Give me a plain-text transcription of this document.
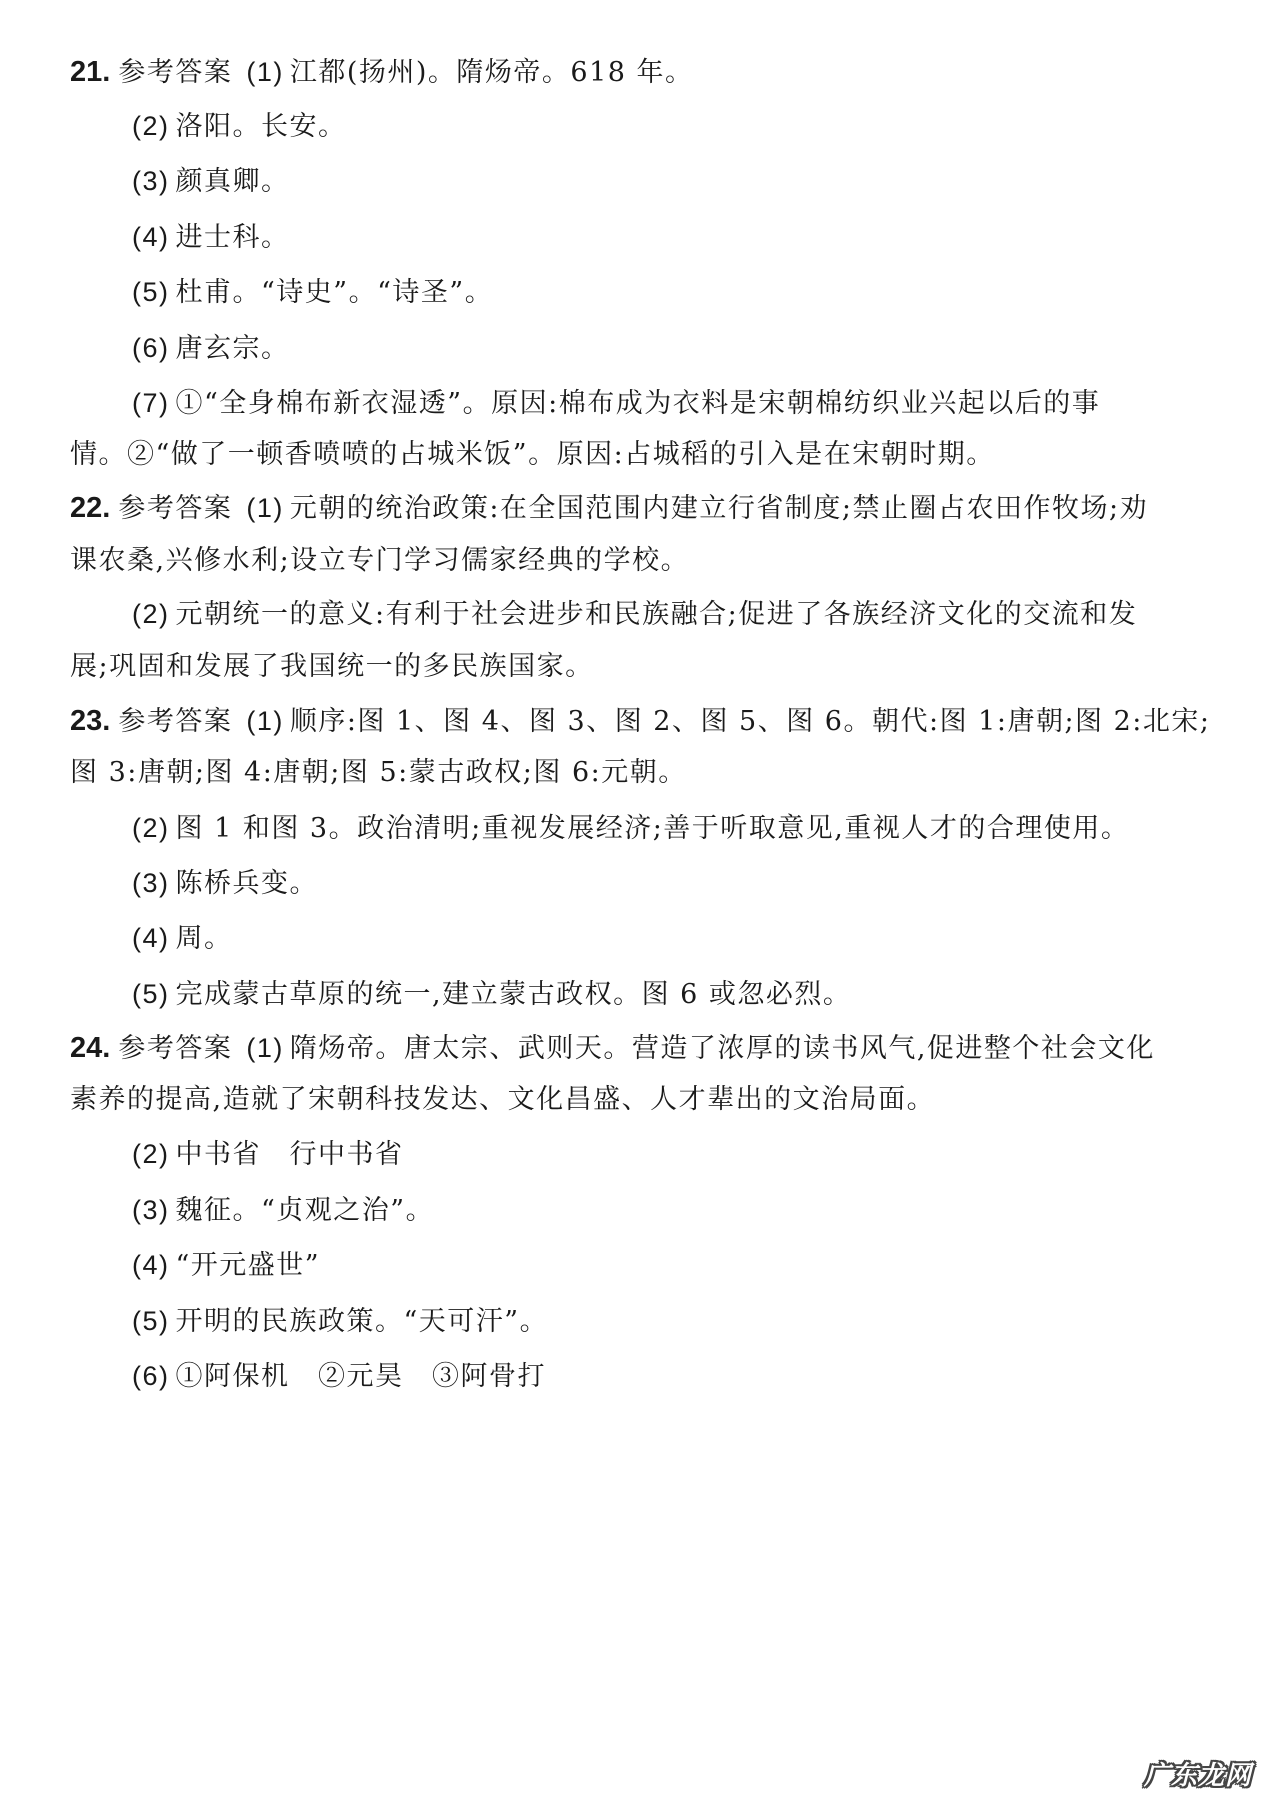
21. 参考答案 (1) 江都(扬州)。隋炀帝。618 年。
(2) 洛阳。长安。
(3) 颜真卿。
(4) 进士科。
(5) 杜甫。“诗史”。“诗圣”。
(6) 唐玄宗。
(7) ①“全身棉布新衣湿透”。原因:棉布成为衣料是宋朝棉纺织业兴起以后的事
情。②“做了一顿香喷喷的占城米饭”。原因:占城稻的引入是在宋朝时期。
22. 参考答案 (1) 元朝的统治政策:在全国范围内建立行省制度;禁止圈占农田作牧场;劝
课农桑,兴修水利;设立专门学习儒家经典的学校。
(2) 元朝统一的意义:有利于社会进步和民族融合;促进了各族经济文化的交流和发
展;巩固和发展了我国统一的多民族国家。
23. 参考答案 (1) 顺序:图 1、图 4、图 3、图 2、图 5、图 6。朝代:图 1:唐朝;图 2:北宋;
图 3:唐朝;图 4:唐朝;图 5:蒙古政权;图 6:元朝。
(2) 图 1 和图 3。政治清明;重视发展经济;善于听取意见,重视人才的合理使用。
(3) 陈桥兵变。
(4) 周。
(5) 完成蒙古草原的统一,建立蒙古政权。图 6 或忽必烈。
24. 参考答案 (1) 隋炀帝。唐太宗、武则天。营造了浓厚的读书风气,促进整个社会文化
素养的提高,造就了宋朝科技发达、文化昌盛、人才辈出的文治局面。
(2) 中书省　行中书省
(3) 魏征。“贞观之治”。
(4) “开元盛世”
(5) 开明的民族政策。“天可汗”。
(6) ①阿保机　②元昊　③阿骨打
广东龙网
